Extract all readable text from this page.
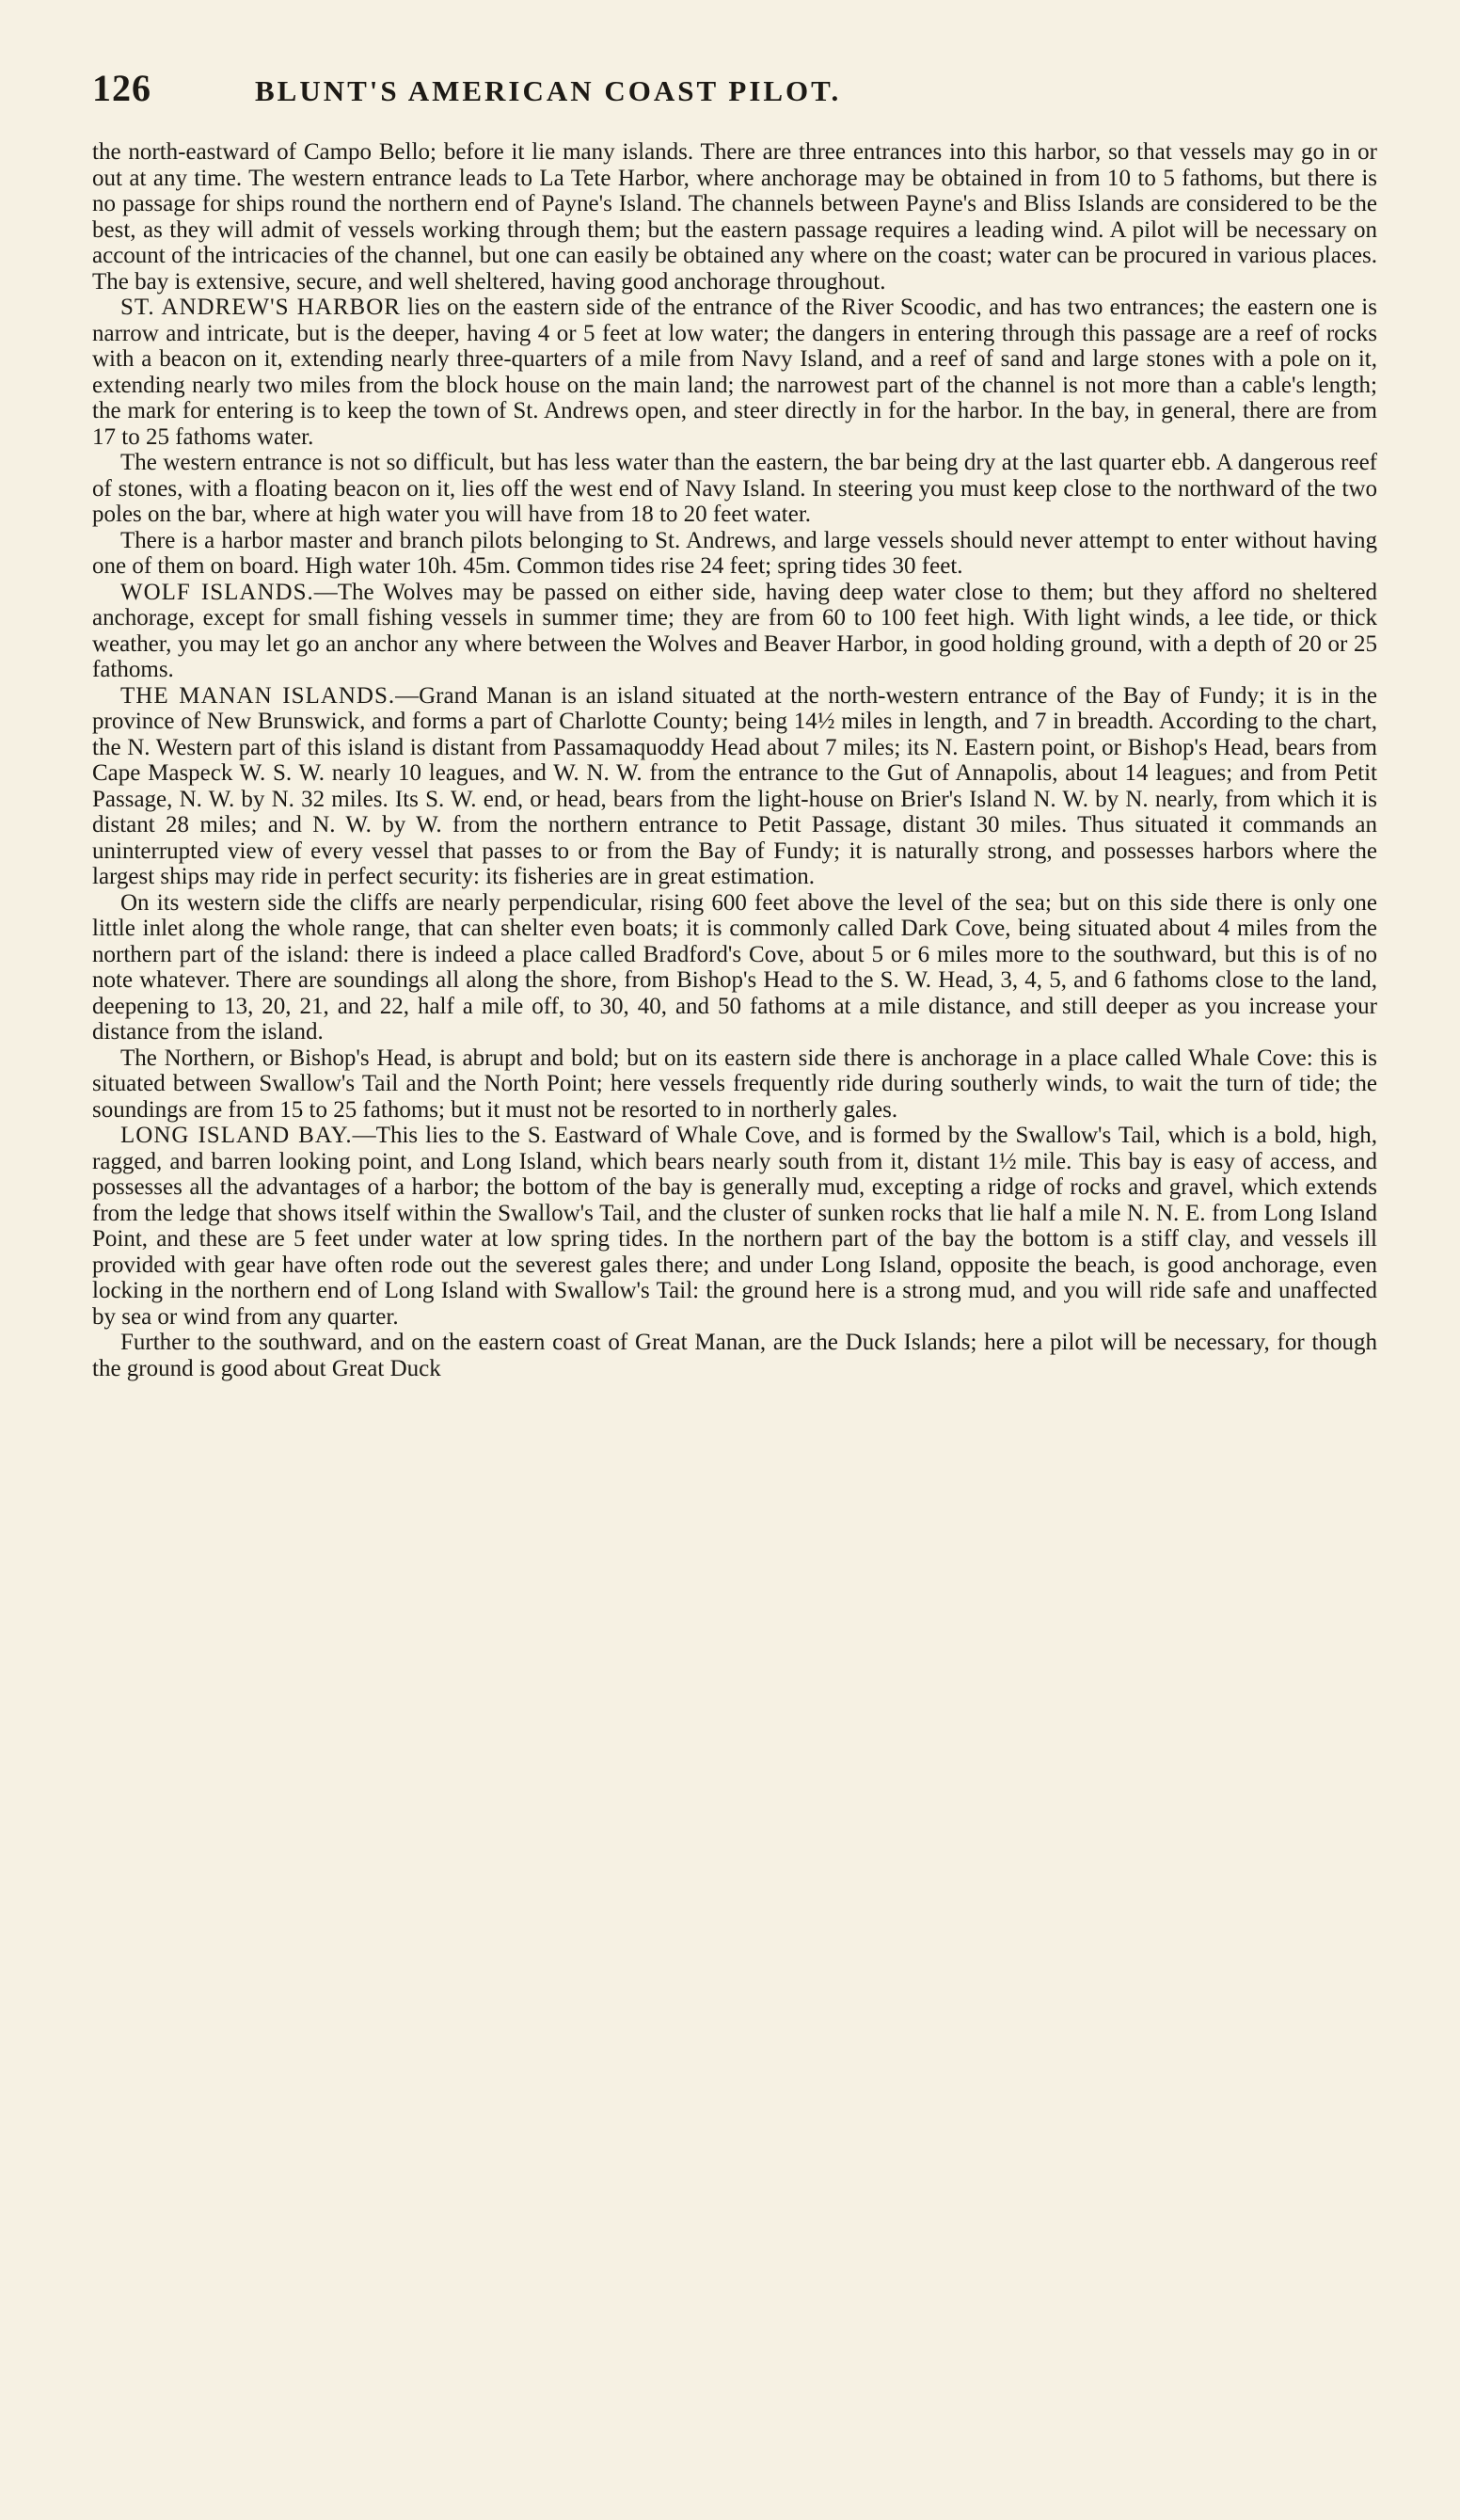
126	BLUNT'S AMERICAN COAST PILOT.

the north-eastward of Campo Bello; before it lie many islands. There are three entrances into this harbor, so that vessels may go in or out at any time. The western entrance leads to La Tete Harbor, where anchorage may be obtained in from 10 to 5 fathoms, but there is no passage for ships round the northern end of Payne's Island. The channels between Payne's and Bliss Islands are considered to be the best, as they will admit of vessels working through them; but the eastern passage requires a leading wind. A pilot will be necessary on account of the intricacies of the channel, but one can easily be obtained any where on the coast; water can be procured in various places. The bay is extensive, secure, and well sheltered, having good anchorage throughout.

ST. ANDREW'S HARBOR lies on the eastern side of the entrance of the River Scoodic, and has two entrances; the eastern one is narrow and intricate, but is the deeper, having 4 or 5 feet at low water; the dangers in entering through this passage are a reef of rocks with a beacon on it, extending nearly three-quarters of a mile from Navy Island, and a reef of sand and large stones with a pole on it, extending nearly two miles from the block house on the main land; the narrowest part of the channel is not more than a cable's length; the mark for entering is to keep the town of St. Andrews open, and steer directly in for the harbor. In the bay, in general, there are from 17 to 25 fathoms water.

The western entrance is not so difficult, but has less water than the eastern, the bar being dry at the last quarter ebb. A dangerous reef of stones, with a floating beacon on it, lies off the west end of Navy Island. In steering you must keep close to the northward of the two poles on the bar, where at high water you will have from 18 to 20 feet water.

There is a harbor master and branch pilots belonging to St. Andrews, and large vessels should never attempt to enter without having one of them on board. High water 10h. 45m. Common tides rise 24 feet; spring tides 30 feet.

WOLF ISLANDS.—The Wolves may be passed on either side, having deep water close to them; but they afford no sheltered anchorage, except for small fishing vessels in summer time; they are from 60 to 100 feet high. With light winds, a lee tide, or thick weather, you may let go an anchor any where between the Wolves and Beaver Harbor, in good holding ground, with a depth of 20 or 25 fathoms.

THE MANAN ISLANDS.—Grand Manan is an island situated at the north-western entrance of the Bay of Fundy; it is in the province of New Brunswick, and forms a part of Charlotte County; being 14½ miles in length, and 7 in breadth. According to the chart, the N. Western part of this island is distant from Passamaquoddy Head about 7 miles; its N. Eastern point, or Bishop's Head, bears from Cape Maspeck W. S. W. nearly 10 leagues, and W. N. W. from the entrance to the Gut of Annapolis, about 14 leagues; and from Petit Passage, N. W. by N. 32 miles. Its S. W. end, or head, bears from the light-house on Brier's Island N. W. by N. nearly, from which it is distant 28 miles; and N. W. by W. from the northern entrance to Petit Passage, distant 30 miles. Thus situated it commands an uninterrupted view of every vessel that passes to or from the Bay of Fundy; it is naturally strong, and possesses harbors where the largest ships may ride in perfect security: its fisheries are in great estimation.

On its western side the cliffs are nearly perpendicular, rising 600 feet above the level of the sea; but on this side there is only one little inlet along the whole range, that can shelter even boats; it is commonly called Dark Cove, being situated about 4 miles from the northern part of the island: there is indeed a place called Bradford's Cove, about 5 or 6 miles more to the southward, but this is of no note whatever. There are soundings all along the shore, from Bishop's Head to the S. W. Head, 3, 4, 5, and 6 fathoms close to the land, deepening to 13, 20, 21, and 22, half a mile off, to 30, 40, and 50 fathoms at a mile distance, and still deeper as you increase your distance from the island.

The Northern, or Bishop's Head, is abrupt and bold; but on its eastern side there is anchorage in a place called Whale Cove: this is situated between Swallow's Tail and the North Point; here vessels frequently ride during southerly winds, to wait the turn of tide; the soundings are from 15 to 25 fathoms; but it must not be resorted to in northerly gales.

LONG ISLAND BAY.—This lies to the S. Eastward of Whale Cove, and is formed by the Swallow's Tail, which is a bold, high, ragged, and barren looking point, and Long Island, which bears nearly south from it, distant 1½ mile. This bay is easy of access, and possesses all the advantages of a harbor; the bottom of the bay is generally mud, excepting a ridge of rocks and gravel, which extends from the ledge that shows itself within the Swallow's Tail, and the cluster of sunken rocks that lie half a mile N. N. E. from Long Island Point, and these are 5 feet under water at low spring tides. In the northern part of the bay the bottom is a stiff clay, and vessels ill provided with gear have often rode out the severest gales there; and under Long Island, opposite the beach, is good anchorage, even locking in the northern end of Long Island with Swallow's Tail: the ground here is a strong mud, and you will ride safe and unaffected by sea or wind from any quarter.

Further to the southward, and on the eastern coast of Great Manan, are the Duck Islands; here a pilot will be necessary, for though the ground is good about Great Duck
